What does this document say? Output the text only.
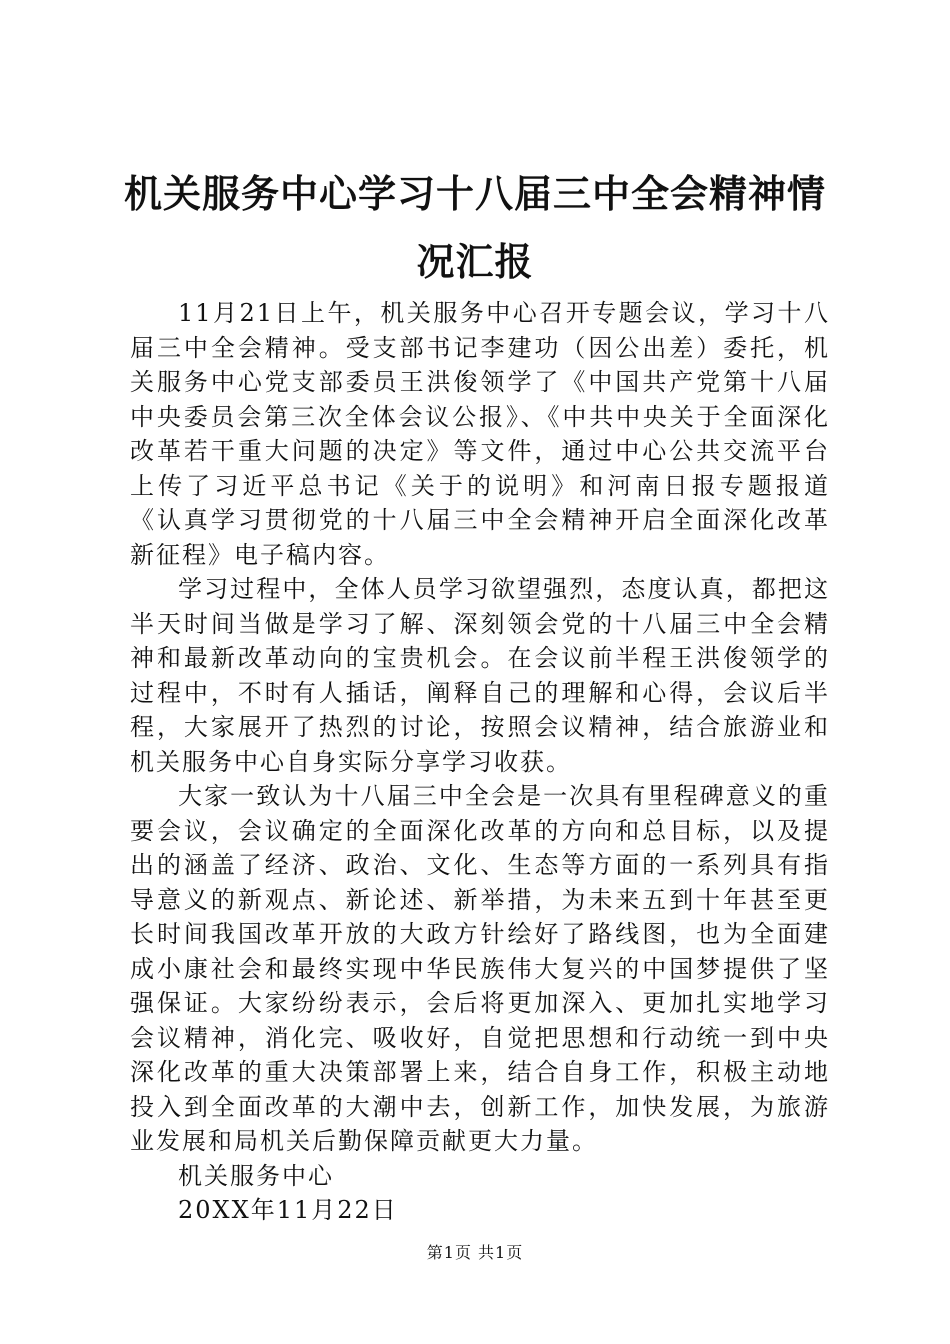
机关服务中心学习十八届三中全会精神情况汇报

11月21日上午，机关服务中心召开专题会议，学习十八届三中全会精神。受支部书记李建功（因公出差）委托，机关服务中心党支部委员王洪俊领学了《中国共产党第十八届中央委员会第三次全体会议公报》、《中共中央关于全面深化改革若干重大问题的决定》等文件，通过中心公共交流平台上传了习近平总书记《关于的说明》和河南日报专题报道《认真学习贯彻党的十八届三中全会精神开启全面深化改革新征程》电子稿内容。

学习过程中，全体人员学习欲望强烈，态度认真，都把这半天时间当做是学习了解、深刻领会党的十八届三中全会精神和最新改革动向的宝贵机会。在会议前半程王洪俊领学的过程中，不时有人插话，阐释自己的理解和心得，会议后半程，大家展开了热烈的讨论，按照会议精神，结合旅游业和机关服务中心自身实际分享学习收获。

大家一致认为十八届三中全会是一次具有里程碑意义的重要会议，会议确定的全面深化改革的方向和总目标，以及提出的涵盖了经济、政治、文化、生态等方面的一系列具有指导意义的新观点、新论述、新举措，为未来五到十年甚至更长时间我国改革开放的大政方针绘好了路线图，也为全面建成小康社会和最终实现中华民族伟大复兴的中国梦提供了坚强保证。大家纷纷表示，会后将更加深入、更加扎实地学习会议精神，消化完、吸收好，自觉把思想和行动统一到中央深化改革的重大决策部署上来，结合自身工作，积极主动地投入到全面改革的大潮中去，创新工作，加快发展，为旅游业发展和局机关后勤保障贡献更大力量。

机关服务中心

20XX年11月22日

第1页 共1页
